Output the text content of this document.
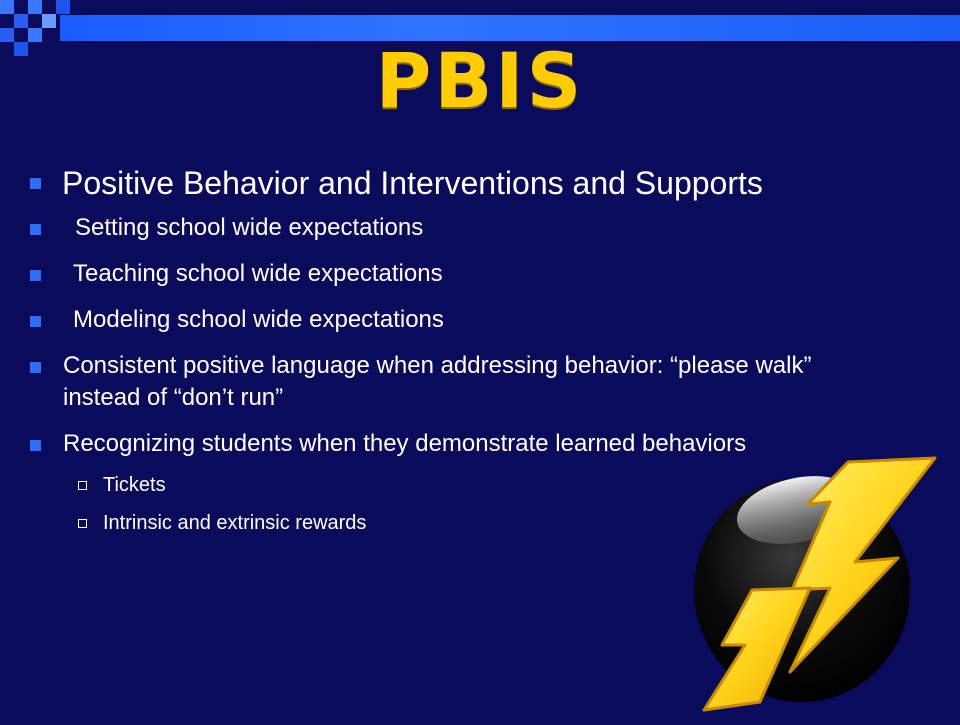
PBIS
Positive Behavior and Interventions and Supports
Setting school wide expectations
Teaching school wide expectations
Modeling school wide expectations
Consistent positive language when addressing behavior: “please walk” instead of “don’t run”
Recognizing students when they demonstrate learned behaviors
Tickets
Intrinsic and extrinsic rewards
